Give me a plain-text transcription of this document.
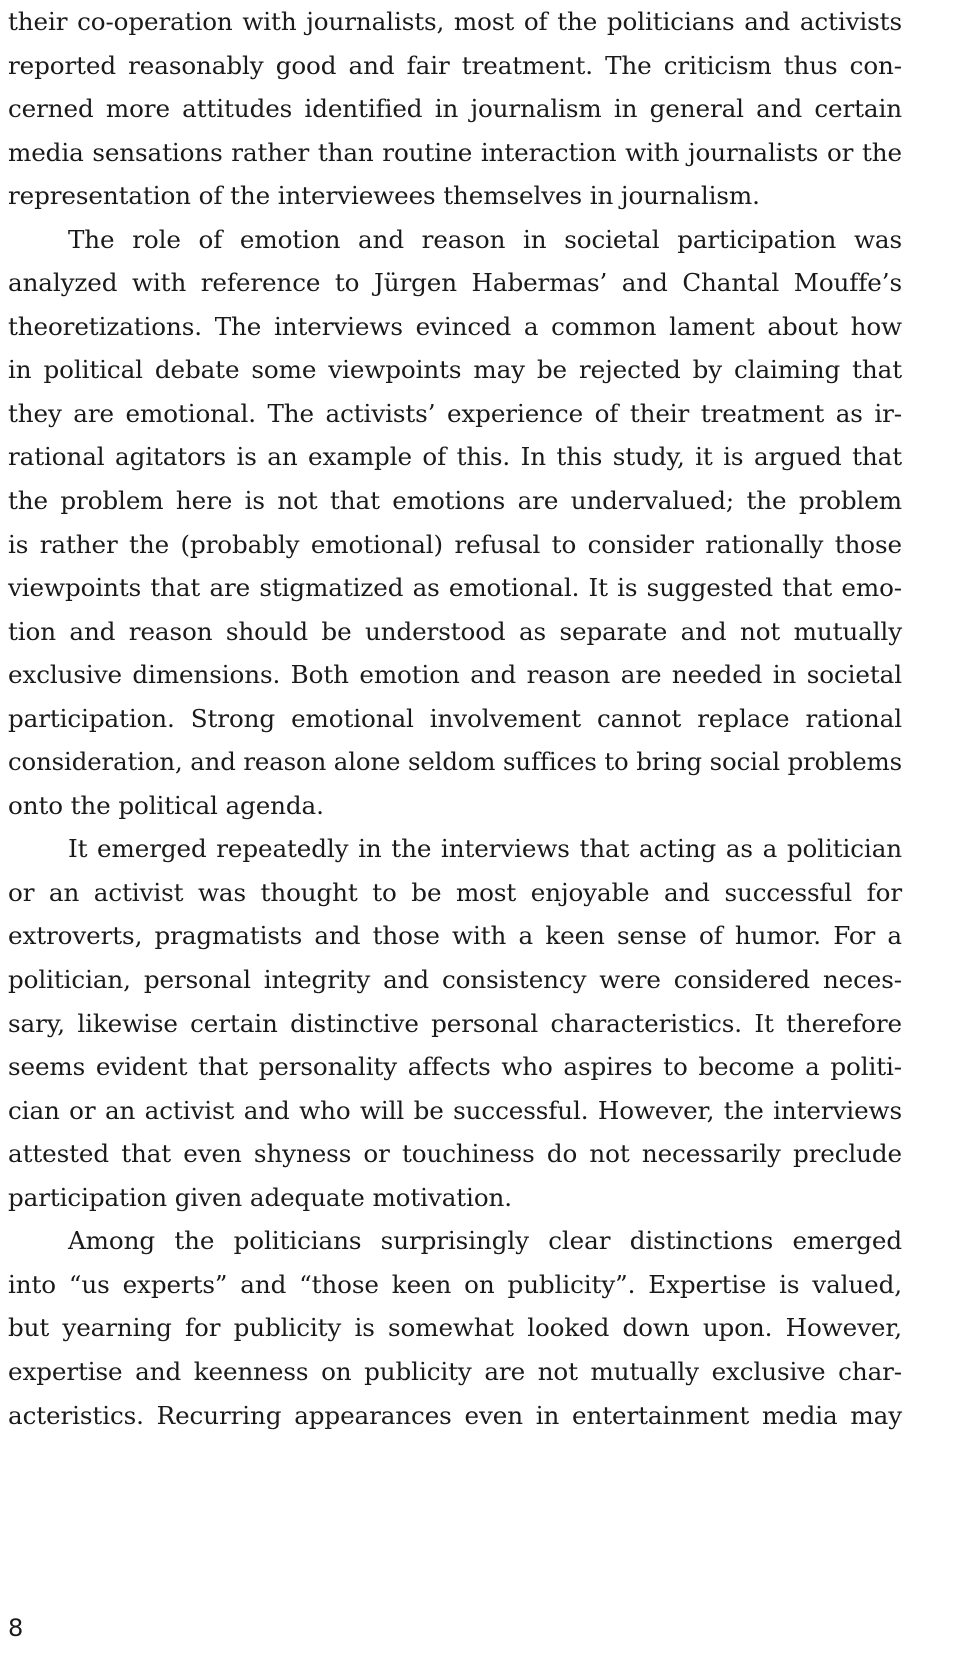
their co-operation with journalists, most of the politicians and activists
reported reasonably good and fair treatment. The criticism thus con-
cerned more attitudes identified in journalism in general and certain
media sensations rather than routine interaction with journalists or the
representation of the interviewees themselves in journalism.
The role of emotion and reason in societal participation was
analyzed with reference to Jürgen Habermas’ and Chantal Mouffe’s
theoretizations. The interviews evinced a common lament about how
in political debate some viewpoints may be rejected by claiming that
they are emotional. The activists’ experience of their treatment as ir-
rational agitators is an example of this. In this study, it is argued that
the problem here is not that emotions are undervalued; the problem
is rather the (probably emotional) refusal to consider rationally those
viewpoints that are stigmatized as emotional. It is suggested that emo-
tion and reason should be understood as separate and not mutually
exclusive dimensions. Both emotion and reason are needed in societal
participation. Strong emotional involvement cannot replace rational
consideration, and reason alone seldom suffices to bring social problems
onto the political agenda.
It emerged repeatedly in the interviews that acting as a politician
or an activist was thought to be most enjoyable and successful for
extroverts, pragmatists and those with a keen sense of humor. For a
politician, personal integrity and consistency were considered neces-
sary, likewise certain distinctive personal characteristics. It therefore
seems evident that personality affects who aspires to become a politi-
cian or an activist and who will be successful. However, the interviews
attested that even shyness or touchiness do not necessarily preclude
participation given adequate motivation.
Among the politicians surprisingly clear distinctions emerged
into “us experts” and “those keen on publicity”. Expertise is valued,
but yearning for publicity is somewhat looked down upon. However,
expertise and keenness on publicity are not mutually exclusive char-
acteristics. Recurring appearances even in entertainment media may
8
